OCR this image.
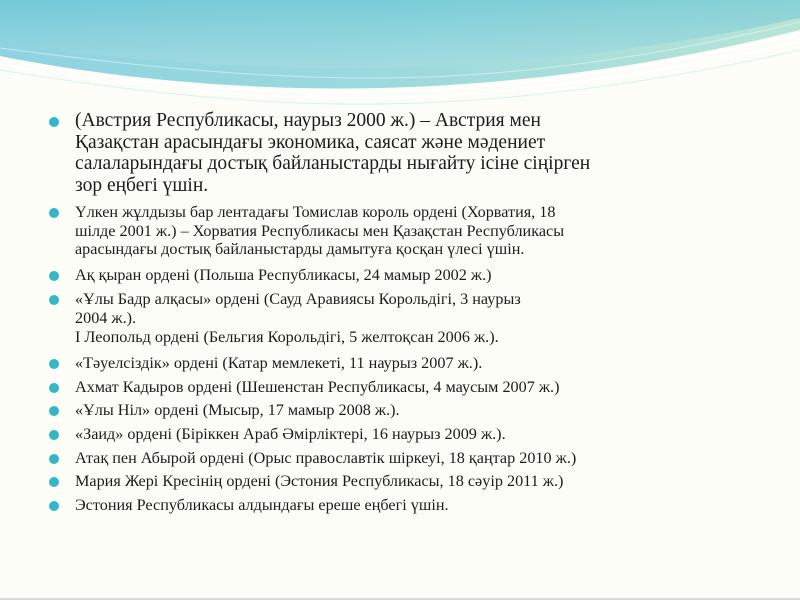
(Австрия Республикасы, наурыз 2000 ж.) – Австрия мен
Қазақстан арасындағы экономика, саясат және мәдениет
салаларындағы достық байланыстарды нығайту ісіне сіңірген
зор еңбегі үшін.
Үлкен жұлдызы бар лентадағы Томислав король ордені (Хорватия, 18
шілде 2001 ж.) – Хорватия Республикасы мен Қазақстан Республикасы
арасындағы достық байланыстарды дамытуға қосқан үлесі үшін.
Ақ қыран ордені (Польша Республикасы, 24 мамыр 2002 ж.)
«Ұлы Бадр алқасы» ордені (Сауд Аравиясы Корольдігі, 3 наурыз
2004 ж.).
I Леопольд ордені (Бельгия Корольдігі, 5 желтоқсан 2006 ж.).
«Тәуелсіздік» ордені (Катар мемлекеті, 11 наурыз 2007 ж.).
Ахмат Кадыров ордені (Шешенстан Республикасы, 4 маусым 2007 ж.)
«Ұлы Ніл» ордені (Мысыр, 17 мамыр 2008 ж.).
«Заид» ордені (Біріккен Араб Әмірліктері, 16 наурыз 2009 ж.).
Атақ пен Абырой ордені (Орыс православтік шіркеуі, 18 қаңтар 2010 ж.)
Мария Жері Кресінің ордені (Эстония Республикасы, 18 сәуір 2011 ж.)
Эстония Республикасы алдындағы ереше еңбегі үшін.
